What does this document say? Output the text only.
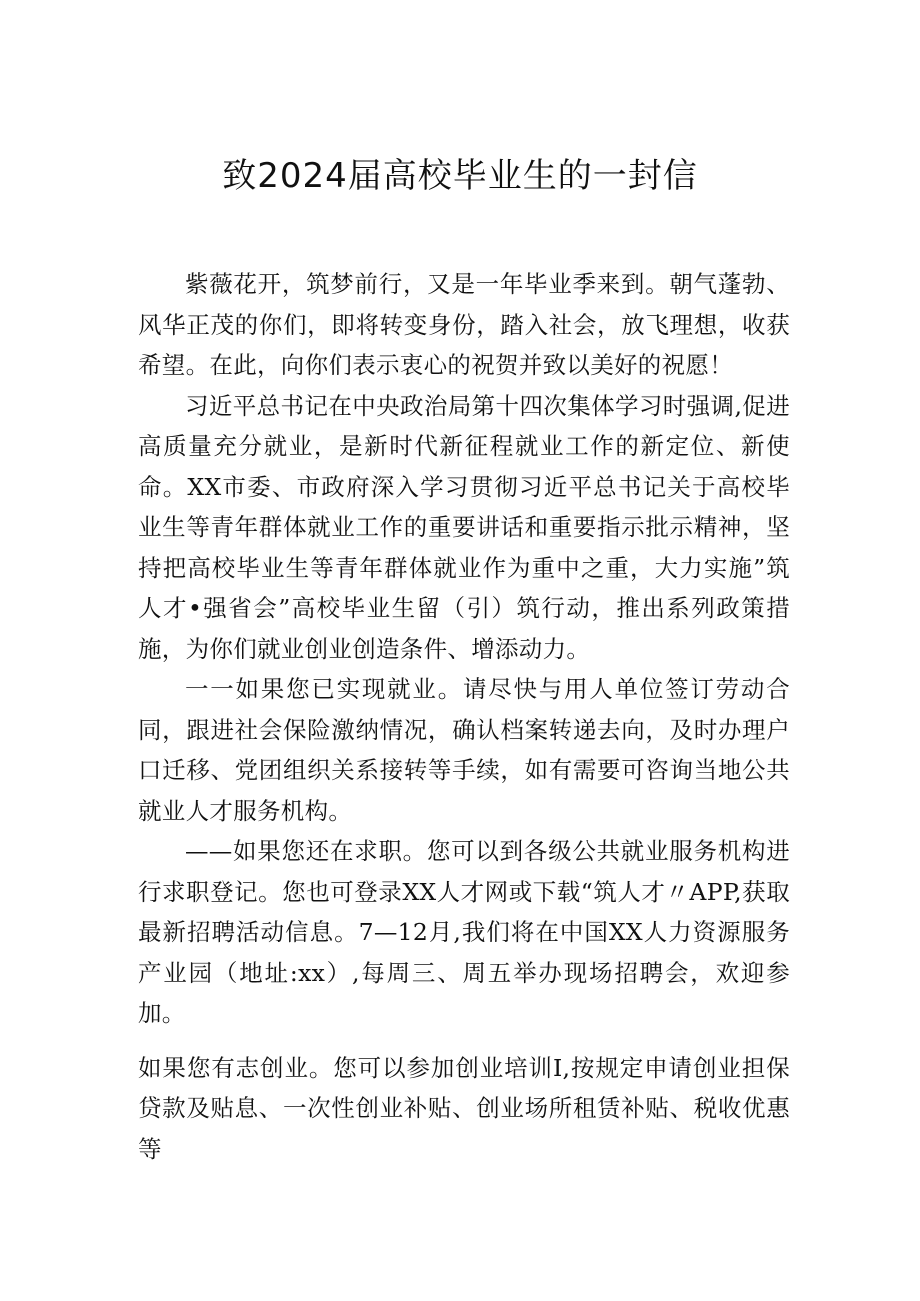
致2024届高校毕业生的一封信

紫薇花开，筑梦前行，又是一年毕业季来到。朝气蓬勃、风华正茂的你们，即将转变身份，踏入社会，放飞理想，收获希望。在此，向你们表示衷心的祝贺并致以美好的祝愿！

习近平总书记在中央政治局第十四次集体学习时强调,促进高质量充分就业，是新时代新征程就业工作的新定位、新使命。XX市委、市政府深入学习贯彻习近平总书记关于高校毕业生等青年群体就业工作的重要讲话和重要指示批示精神，坚持把高校毕业生等青年群体就业作为重中之重，大力实施”筑人才•强省会”高校毕业生留（引）筑行动，推出系列政策措施，为你们就业创业创造条件、增添动力。

一一如果您已实现就业。请尽快与用人单位签订劳动合同，跟进社会保险激纳情况，确认档案转递去向，及时办理户口迁移、党团组织关系接转等手续，如有需要可咨询当地公共就业人才服务机构。

——如果您还在求职。您可以到各级公共就业服务机构进行求职登记。您也可登录XX人才网或下载“筑人才〃APP,获取最新招聘活动信息。7—12月,我们将在中国XX人力资源服务产业园（地址:xx）,每周三、周五举办现场招聘会，欢迎参加。

如果您有志创业。您可以参加创业培训I,按规定申请创业担保贷款及贴息、一次性创业补贴、创业场所租赁补贴、税收优惠等
